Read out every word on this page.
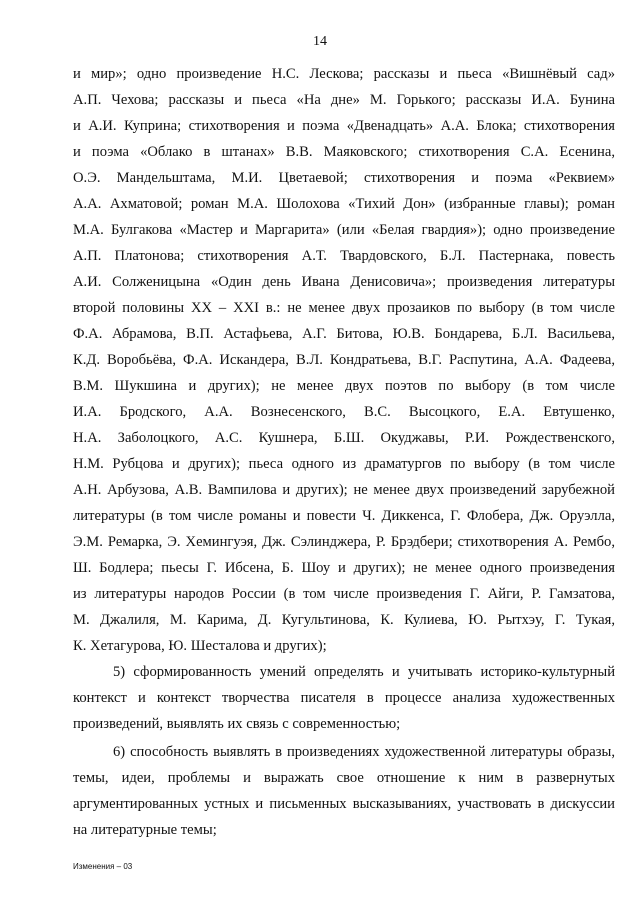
14
и мир»; одно произведение Н.С. Лескова; рассказы и пьеса «Вишнёвый сад»
А.П. Чехова; рассказы и пьеса «На дне» М. Горького; рассказы И.А. Бунина
и А.И. Куприна; стихотворения и поэма «Двенадцать» А.А. Блока; стихотворения
и поэма «Облако в штанах» В.В. Маяковского; стихотворения С.А. Есенина,
О.Э. Мандельштама, М.И. Цветаевой; стихотворения и поэма «Реквием»
А.А. Ахматовой; роман М.А. Шолохова «Тихий Дон» (избранные главы); роман
М.А. Булгакова «Мастер и Маргарита» (или «Белая гвардия»); одно произведение
А.П. Платонова; стихотворения А.Т. Твардовского, Б.Л. Пастернака, повесть
А.И. Солженицына «Один день Ивана Денисовича»; произведения литературы
второй половины XX – XXI в.: не менее двух прозаиков по выбору (в том числе
Ф.А. Абрамова, В.П. Астафьева, А.Г. Битова, Ю.В. Бондарева, Б.Л. Васильева,
К.Д. Воробьёва, Ф.А. Искандера, В.Л. Кондратьева, В.Г. Распутина, А.А. Фадеева,
В.М. Шукшина и других); не менее двух поэтов по выбору (в том числе
И.А. Бродского, А.А. Вознесенского, В.С. Высоцкого, Е.А. Евтушенко,
Н.А. Заболоцкого, А.С. Кушнера, Б.Ш. Окуджавы, Р.И. Рождественского,
Н.М. Рубцова и других); пьеса одного из драматургов по выбору (в том числе
А.Н. Арбузова, А.В. Вампилова и других); не менее двух произведений зарубежной
литературы (в том числе романы и повести Ч. Диккенса, Г. Флобера, Дж. Оруэлла,
Э.М. Ремарка, Э. Хемингуэя, Дж. Сэлинджера, Р. Брэдбери; стихотворения А. Рембо,
Ш. Бодлера; пьесы Г. Ибсена, Б. Шоу и других); не менее одного произведения
из литературы народов России (в том числе произведения Г. Айги, Р. Гамзатова,
М. Джалиля, М. Карима, Д. Кугультинова, К. Кулиева, Ю. Рытхэу, Г. Тукая,
К. Хетагурова, Ю. Шесталова и других);
5) сформированность умений определять и учитывать историко-культурный
контекст и контекст творчества писателя в процессе анализа художественных
произведений, выявлять их связь с современностью;
6) способность выявлять в произведениях художественной литературы образы,
темы, идеи, проблемы и выражать свое отношение к ним в развернутых
аргументированных устных и письменных высказываниях, участвовать в дискуссии
на литературные темы;
Изменения – 03
